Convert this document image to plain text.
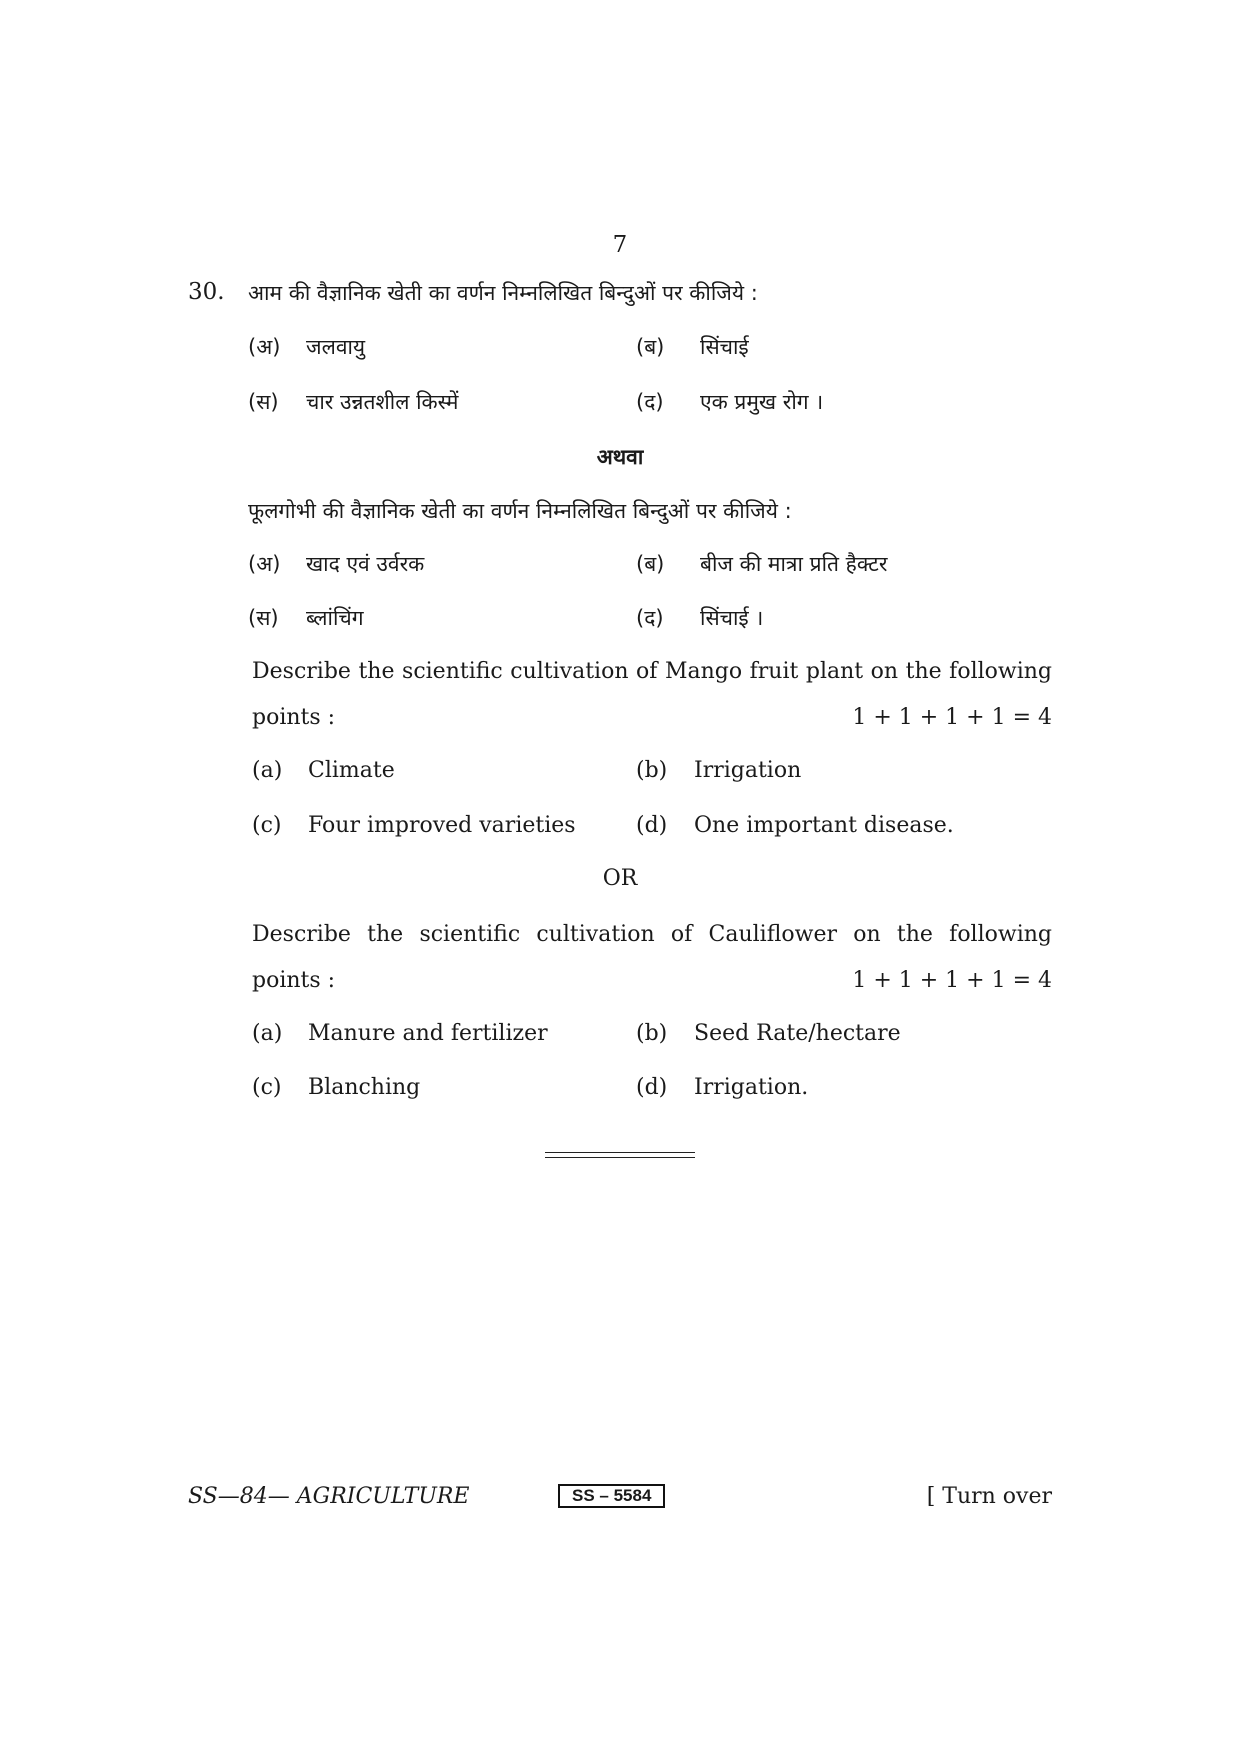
7
30. आम की वैज्ञानिक खेती का वर्णन निम्नलिखित बिन्दुओं पर कीजिये :
(अ) जलवायु	(ब) सिंचाई
(स) चार उन्नतशील किस्में	(द) एक प्रमुख रोग ।
अथवा
फूलगोभी की वैज्ञानिक खेती का वर्णन निम्नलिखित बिन्दुओं पर कीजिये :
(अ) खाद एवं उर्वरक	(ब) बीज की मात्रा प्रति हैक्टर
(स) ब्लांचिंग	(द) सिंचाई ।
Describe the scientific cultivation of Mango fruit plant on the following
points :	1 + 1 + 1 + 1 = 4
(a) Climate	(b) Irrigation
(c) Four improved varieties	(d) One important disease.
OR
Describe the scientific cultivation of Cauliflower on the following
points :	1 + 1 + 1 + 1 = 4
(a) Manure and fertilizer	(b) Seed Rate/hectare
(c) Blanching	(d) Irrigation.
SS—84— AGRICULTURE	SS – 5584	[ Turn over
